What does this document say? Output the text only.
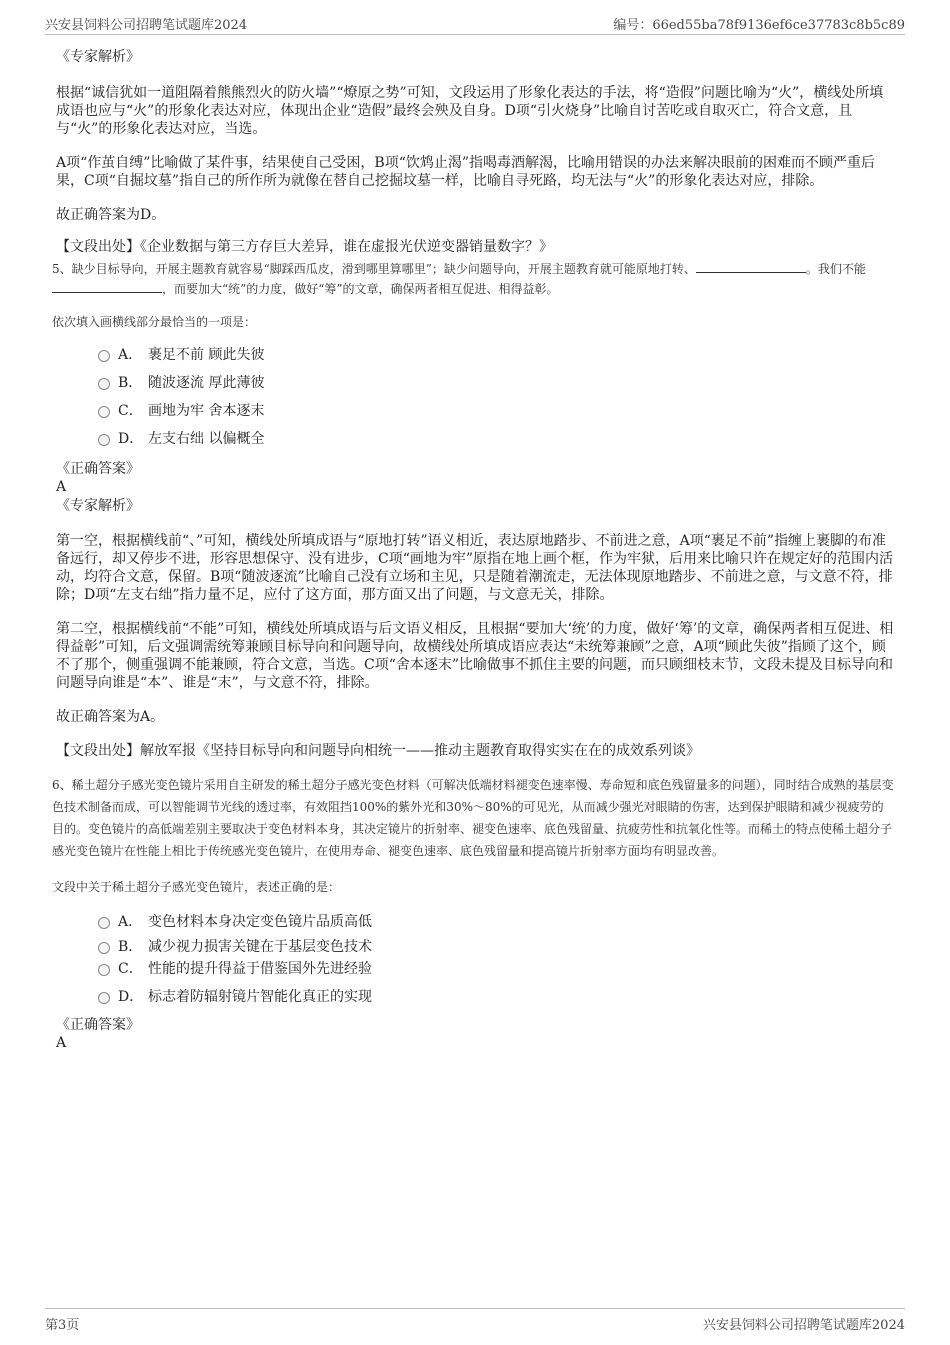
兴安县饲料公司招聘笔试题库2024	编号：66ed55ba78f9136ef6ce37783c8b5c89

《专家解析》

根据“诚信犹如一道阻隔着熊熊烈火的防火墙”“燎原之势”可知，文段运用了形象化表达的手法，将“造假”问题比喻为“火”，横线处所填成语也应与“火”的形象化表达对应，体现出企业“造假”最终会殃及自身。D项“引火烧身”比喻自讨苦吃或自取灭亡，符合文意，且与“火”的形象化表达对应，当选。

A项“作茧自缚”比喻做了某件事，结果使自己受困，B项“饮鸩止渴”指喝毒酒解渴，比喻用错误的办法来解决眼前的困难而不顾严重后果，C项“自掘坟墓”指自己的所作所为就像在替自己挖掘坟墓一样，比喻自寻死路，均无法与“火”的形象化表达对应，排除。

故正确答案为D。

【文段出处】《企业数据与第三方存巨大差异，谁在虚报光伏逆变器销量数字？》

5、缺少目标导向，开展主题教育就容易“脚踩西瓜皮，滑到哪里算哪里”；缺少问题导向，开展主题教育就可能原地打转、	。我们不能，而要加大“统”的力度，做好“筹”的文章，确保两者相互促进、相得益彰。

依次填入画横线部分最恰当的一项是：

A． 裹足不前 顾此失彼
B． 随波逐流 厚此薄彼
C． 画地为牢 舍本逐末
D． 左支右绌 以偏概全

《正确答案》

A

《专家解析》

第一空，根据横线前“、”可知，横线处所填成语与“原地打转”语义相近，表达原地踏步、不前进之意，A项“裹足不前”指缠上裹脚的布准备远行，却又停步不进，形容思想保守、没有进步，C项“画地为牢”原指在地上画个框，作为牢狱，后用来比喻只许在规定好的范围内活动，均符合文意，保留。B项“随波逐流”比喻自己没有立场和主见，只是随着潮流走，无法体现原地踏步、不前进之意，与文意不符，排除；D项“左支右绌”指力量不足，应付了这方面，那方面又出了问题，与文意无关，排除。

第二空，根据横线前“不能”可知，横线处所填成语与后文语义相反，且根据“要加大‘统’的力度，做好‘筹’的文章，确保两者相互促进、相得益彰”可知，后文强调需统筹兼顾目标导向和问题导向，故横线处所填成语应表达“未统筹兼顾”之意，A项“顾此失彼”指顾了这个，顾不了那个，侧重强调不能兼顾，符合文意，当选。C项“舍本逐末”比喻做事不抓住主要的问题，而只顾细枝末节，文段未提及目标导向和问题导向谁是“本”、谁是“末”，与文意不符，排除。

故正确答案为A。

【文段出处】解放军报《坚持目标导向和问题导向相统一——推动主题教育取得实实在在的成效系列谈》

6、稀土超分子感光变色镜片采用自主研发的稀土超分子感光变色材料（可解决低端材料褪变色速率慢、寿命短和底色残留量多的问题），同时结合成熟的基层变色技术制备而成，可以智能调节光线的透过率，有效阻挡100%的紫外光和30%～80%的可见光，从而减少强光对眼睛的伤害，达到保护眼睛和减少视疲劳的目的。变色镜片的高低端差别主要取决于变色材料本身，其决定镜片的折射率、褪变色速率、底色残留量、抗疲劳性和抗氧化性等。而稀土的特点使稀土超分子感光变色镜片在性能上相比于传统感光变色镜片，在使用寿命、褪变色速率、底色残留量和提高镜片折射率方面均有明显改善。

文段中关于稀土超分子感光变色镜片，表述正确的是：

A． 变色材料本身决定变色镜片品质高低
B． 减少视力损害关键在于基层变色技术
C． 性能的提升得益于借鉴国外先进经验
D． 标志着防辐射镜片智能化真正的实现

《正确答案》

A

第3页	兴安县饲料公司招聘笔试题库2024
